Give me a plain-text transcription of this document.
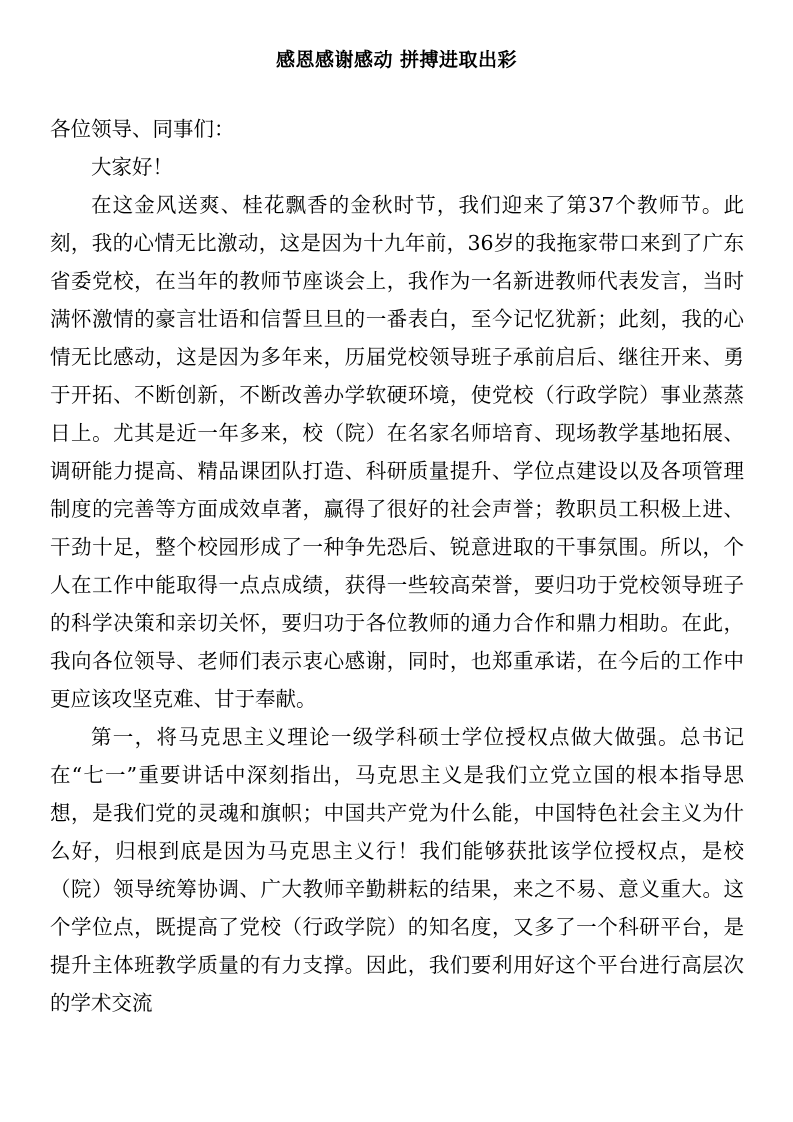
感恩感谢感动 拼搏进取出彩

各位领导、同事们：

大家好！

在这金风送爽、桂花飘香的金秋时节，我们迎来了第37个教师节。此刻，我的心情无比激动，这是因为十九年前，36岁的我拖家带口来到了广东省委党校，在当年的教师节座谈会上，我作为一名新进教师代表发言，当时满怀激情的豪言壮语和信誓旦旦的一番表白，至今记忆犹新；此刻，我的心情无比感动，这是因为多年来，历届党校领导班子承前启后、继往开来、勇于开拓、不断创新，不断改善办学软硬环境，使党校（行政学院）事业蒸蒸日上。尤其是近一年多来，校（院）在名家名师培育、现场教学基地拓展、调研能力提高、精品课团队打造、科研质量提升、学位点建设以及各项管理制度的完善等方面成效卓著，赢得了很好的社会声誉；教职员工积极上进、干劲十足，整个校园形成了一种争先恐后、锐意进取的干事氛围。所以，个人在工作中能取得一点点成绩，获得一些较高荣誉，要归功于党校领导班子的科学决策和亲切关怀，要归功于各位教师的通力合作和鼎力相助。在此，我向各位领导、老师们表示衷心感谢，同时，也郑重承诺，在今后的工作中更应该攻坚克难、甘于奉献。

第一，将马克思主义理论一级学科硕士学位授权点做大做强。总书记在“七一”重要讲话中深刻指出，马克思主义是我们立党立国的根本指导思想，是我们党的灵魂和旗帜；中国共产党为什么能，中国特色社会主义为什么好，归根到底是因为马克思主义行！我们能够获批该学位授权点，是校（院）领导统筹协调、广大教师辛勤耕耘的结果，来之不易、意义重大。这个学位点，既提高了党校（行政学院）的知名度，又多了一个科研平台，是提升主体班教学质量的有力支撑。因此，我们要利用好这个平台进行高层次的学术交流
